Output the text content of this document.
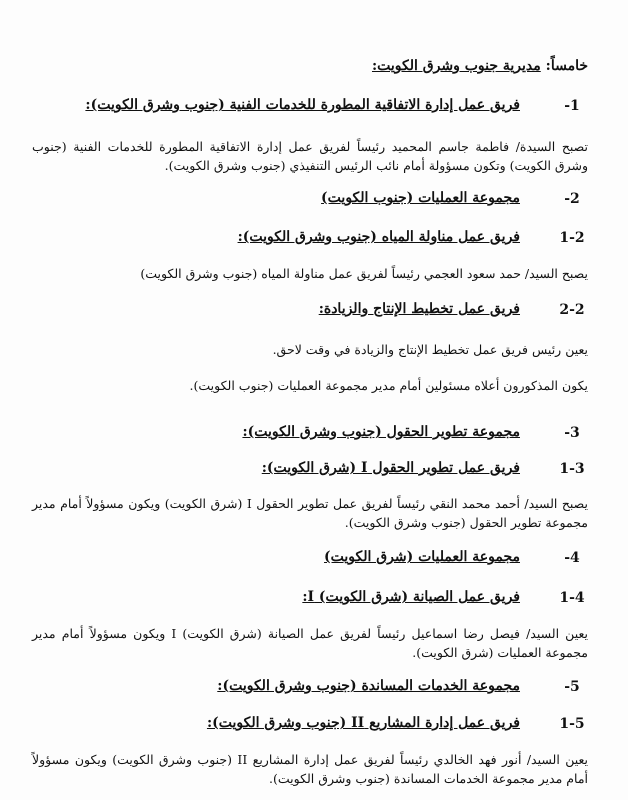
خامساً: مديرية جنوب وشرق الكويت:
-1
فريق عمل إدارة الاتفاقية المطورة للخدمات الفنية (جنوب وشرق الكويت):
تصبح السيدة/ فاطمة جاسم المحميد رئيساً لفريق عمل إدارة الاتفاقية المطورة للخدمات الفنية (جنوب وشرق الكويت) وتكون مسؤولة أمام نائب الرئيس التنفيذي (جنوب وشرق الكويت).
-2
مجموعة العمليات (جنوب الكويت)
1-2
فريق عمل مناولة المياه (جنوب وشرق الكويت):
يصبح السيد/ حمد سعود العجمي رئيساً لفريق عمل مناولة المياه (جنوب وشرق الكويت)
2-2
فريق عمل تخطيط الإنتاج والزيادة:
يعين رئيس فريق عمل تخطيط الإنتاج والزيادة في وقت لاحق.
يكون المذكورون أعلاه مسئولين أمام مدير مجموعة العمليات (جنوب الكويت).
-3
مجموعة تطوير الحقول (جنوب وشرق الكويت):
1-3
فريق عمل تطوير الحقول I (شرق الكويت):
يصبح السيد/ أحمد محمد النقي رئيساً لفريق عمل تطوير الحقول I (شرق الكويت) ويكون مسؤولاً أمام مدير مجموعة تطوير الحقول (جنوب وشرق الكويت).
-4
مجموعة العمليات (شرق الكويت)
1-4
فريق عمل الصيانة (شرق الكويت) I:
يعين السيد/ فيصل رضا اسماعيل رئيساً لفريق عمل الصيانة (شرق الكويت) I ويكون مسؤولاً أمام مدير مجموعة العمليات (شرق الكويت).
-5
مجموعة الخدمات المساندة (جنوب وشرق الكويت):
1-5
فريق عمل إدارة المشاريع II (جنوب وشرق الكويت):
يعين السيد/ أنور فهد الخالدي رئيساً لفريق عمل إدارة المشاريع II (جنوب وشرق الكويت) ويكون مسؤولاً أمام مدير مجموعة الخدمات المساندة (جنوب وشرق الكويت).
